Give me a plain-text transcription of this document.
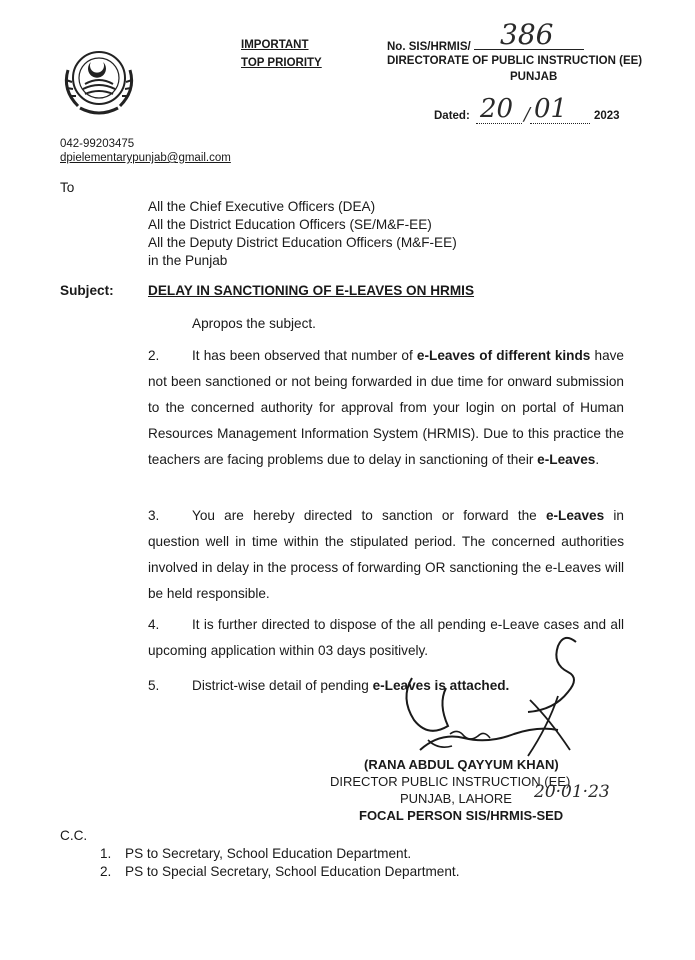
IMPORTANT
TOP PRIORITY
No. SIS/HRMIS/ 386
DIRECTORATE OF PUBLIC INSTRUCTION (EE)
PUNJAB
Dated: 20 / 01 2023
042-99203475
dpielementarypunjab@gmail.com
To
All the Chief Executive Officers (DEA)
All the District Education Officers (SE/M&F-EE)
All the Deputy District Education Officers (M&F-EE)
in the Punjab
Subject:	DELAY IN SANCTIONING OF E-LEAVES ON HRMIS
Apropos the subject.
2. It has been observed that number of e-Leaves of different kinds have not been sanctioned or not being forwarded in due time for onward submission to the concerned authority for approval from your login on portal of Human Resources Management Information System (HRMIS). Due to this practice the teachers are facing problems due to delay in sanctioning of their e-Leaves.
3. You are hereby directed to sanction or forward the e-Leaves in question well in time within the stipulated period. The concerned authorities involved in delay in the process of forwarding OR sanctioning the e-Leaves will be held responsible.
4. It is further directed to dispose of the all pending e-Leave cases and all upcoming application within 03 days positively.
5. District-wise detail of pending e-Leaves is attached.
(RANA ABDUL QAYYUM KHAN)
DIRECTOR PUBLIC INSTRUCTION (EE)
PUNJAB, LAHORE 20·01·23
FOCAL PERSON SIS/HRMIS-SED
C.C.
1. PS to Secretary, School Education Department.
2. PS to Special Secretary, School Education Department.
